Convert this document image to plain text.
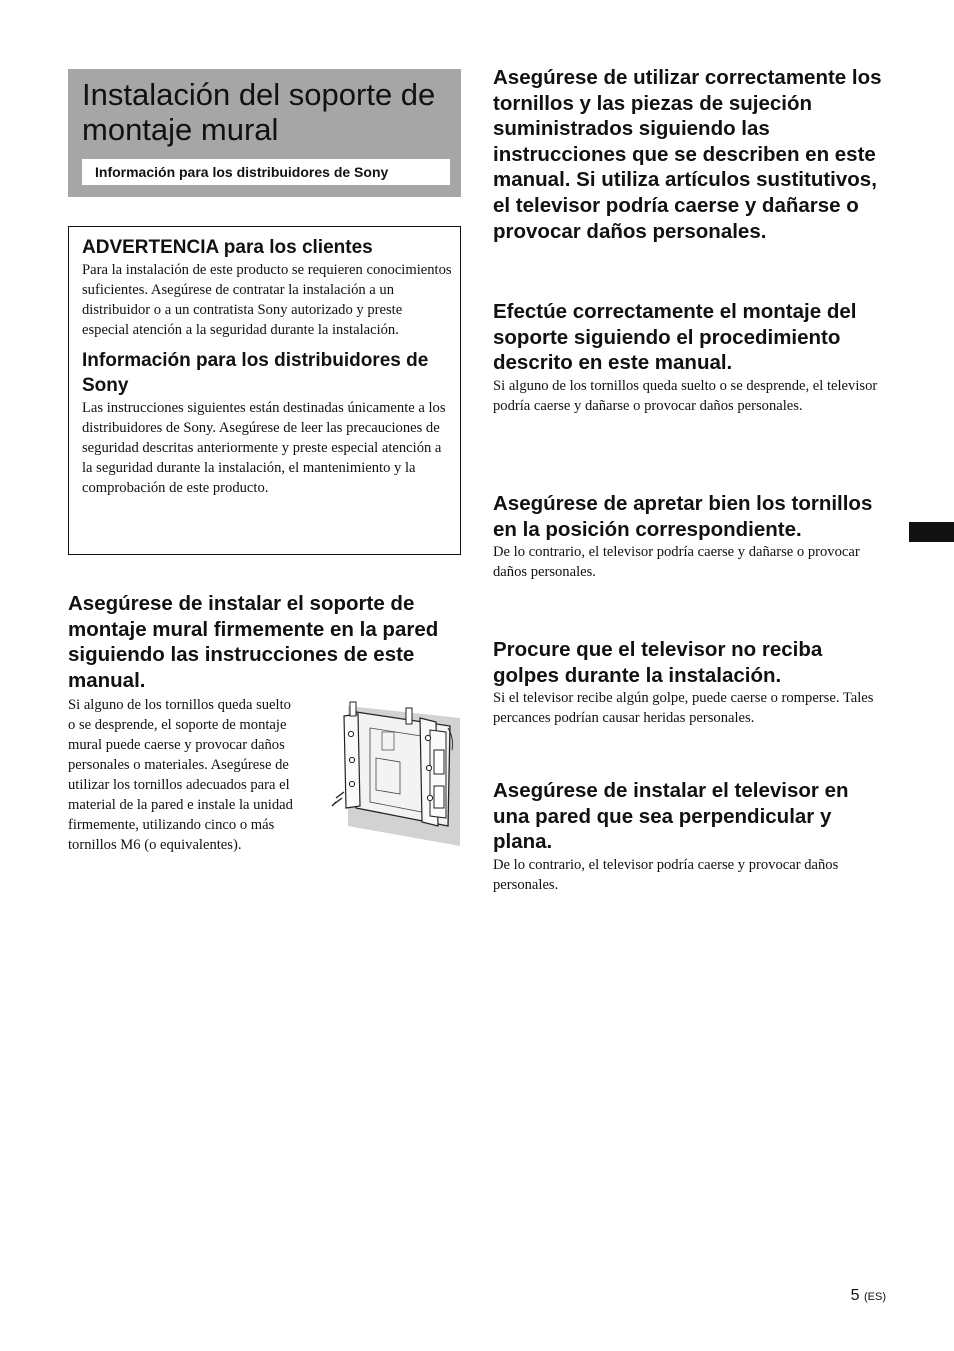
Instalación del soporte de montaje mural
Información para los distribuidores de Sony
ADVERTENCIA para los clientes

Para la instalación de este producto se requieren conocimientos suficientes. Asegúrese de contratar la instalación a un distribuidor o a un contratista Sony autorizado y preste especial atención a la seguridad durante la instalación.

Información para los distribuidores de Sony

Las instrucciones siguientes están destinadas únicamente a los distribuidores de Sony. Asegúrese de leer las precauciones de seguridad descritas anteriormente y preste especial atención a la seguridad durante la instalación, el mantenimiento y la comprobación de este producto.

Asegúrese de instalar el soporte de montaje mural firmemente en la pared siguiendo las instrucciones de este manual.

Si alguno de los tornillos queda suelto o se desprende, el soporte de montaje mural puede caerse y provocar daños personales o materiales. Asegúrese de utilizar los tornillos adecuados para el material de la pared e instale la unidad firmemente, utilizando cinco o más tornillos M6 (o equivalentes).

Asegúrese de utilizar correctamente los tornillos y las piezas de sujeción suministrados siguiendo las instrucciones que se describen en este manual. Si utiliza artículos sustitutivos, el televisor podría caerse y dañarse o provocar daños personales.
Efectúe correctamente el montaje del soporte siguiendo el procedimiento descrito en este manual.

Si alguno de los tornillos queda suelto o se desprende, el televisor podría caerse y dañarse o provocar daños personales.

Asegúrese de apretar bien los tornillos en la posición correspondiente.

De lo contrario, el televisor podría caerse y dañarse o provocar daños personales.

Procure que el televisor no reciba golpes durante la instalación.

Si el televisor recibe algún golpe, puede caerse o romperse. Tales percances podrían causar heridas personales.

Asegúrese de instalar el televisor en una pared que sea perpendicular y plana.

De lo contrario, el televisor podría caerse y provocar daños personales.

5 (ES)
